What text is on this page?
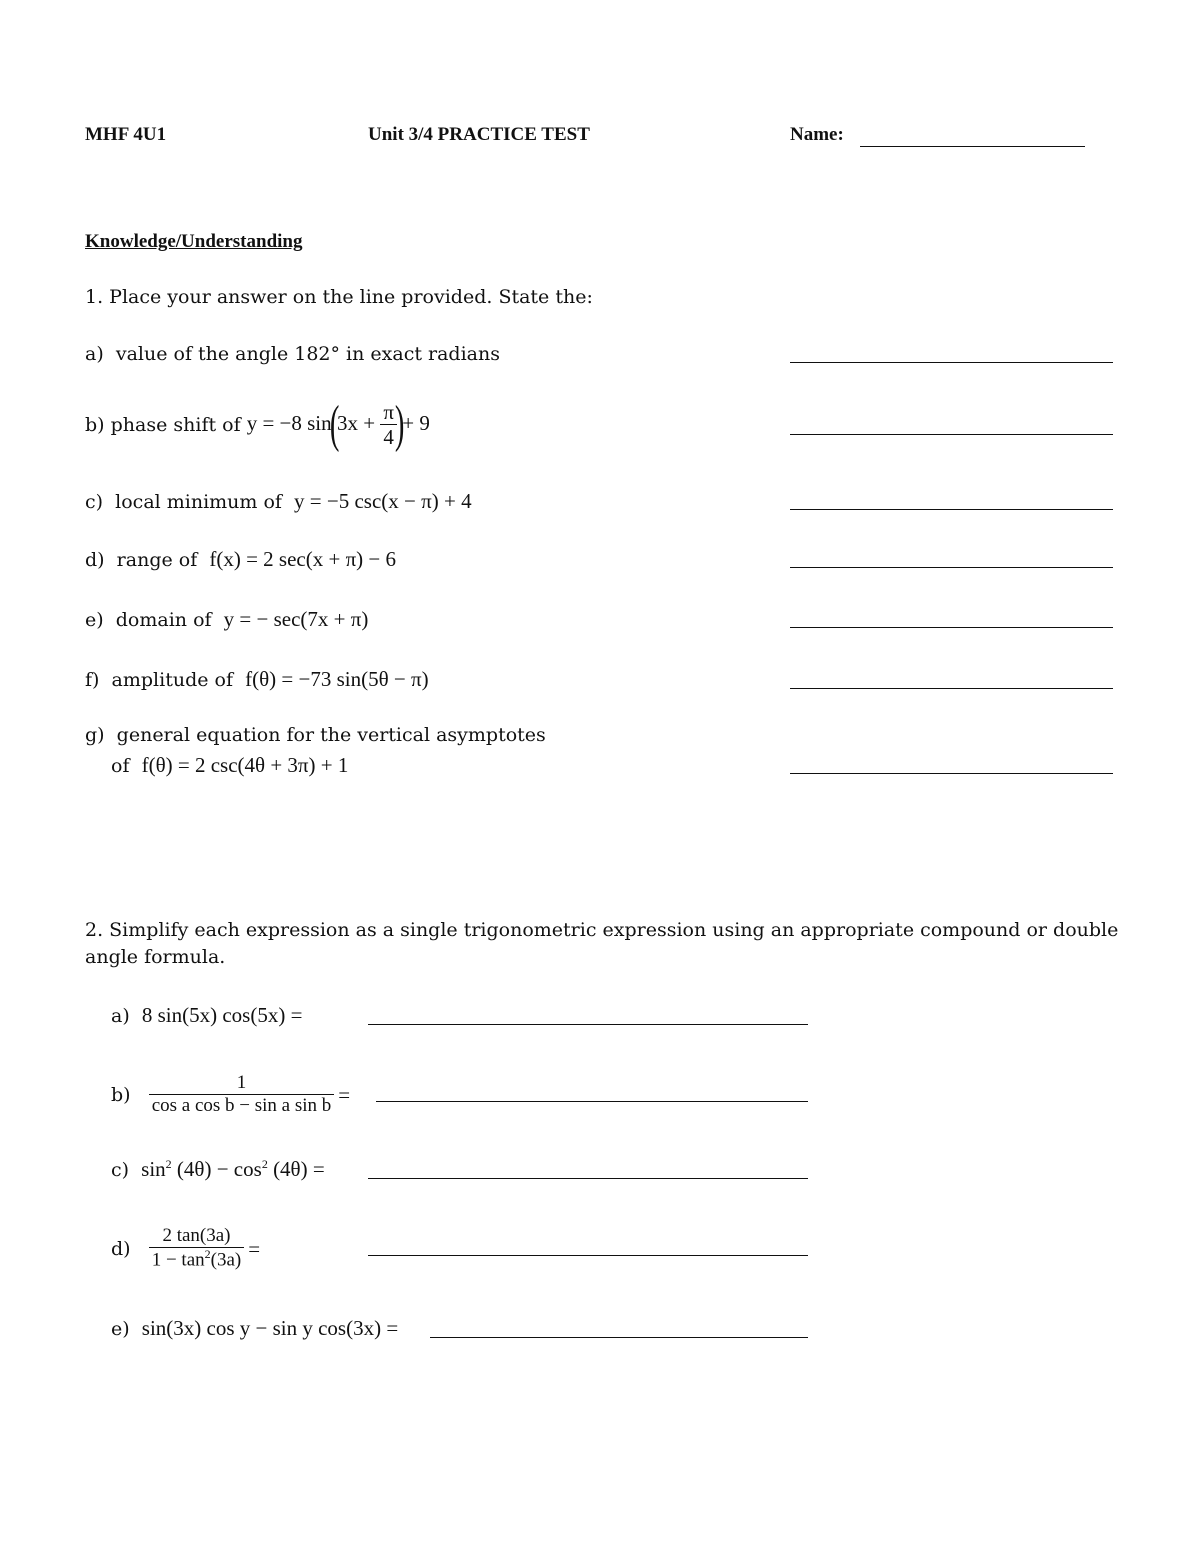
MHF 4U1	Unit 3/4 PRACTICE TEST	Name:
Knowledge/Understanding
1. Place your answer on the line provided. State the:
a) value of the angle 182° in exact radians
b)
phase shift of
y = −8 $\sin(3x + \frac{\pi}{4}$
)+ 9
c) local minimum of y = −5 csc(x − π) + 4
d) range of f(x) = 2 sec(x + π) − 6
e) domain of y = − sec(7x + π)
f) amplitude of f(θ) = −73 sin(5θ − π)
g) general equation for the vertical asymptotes
of f(θ) = 2 csc(4θ + 3π) + 1
2. Simplify each expression as a single trigonometric expression using an appropriate compound or double
angle formula.
a) 8 sin(5x) cos(5x) =
b)
$\frac{1}{\text{cos a cos b − sin a sin b}}$ =
c) $\sin^2 (4\theta) - \cos^2 (4\theta)$ =
d)
$\frac{2 \tan(3a)}{1 - \tan^2(3a)}$ =
e) sin(3x) cos y − sin y cos(3x) =
